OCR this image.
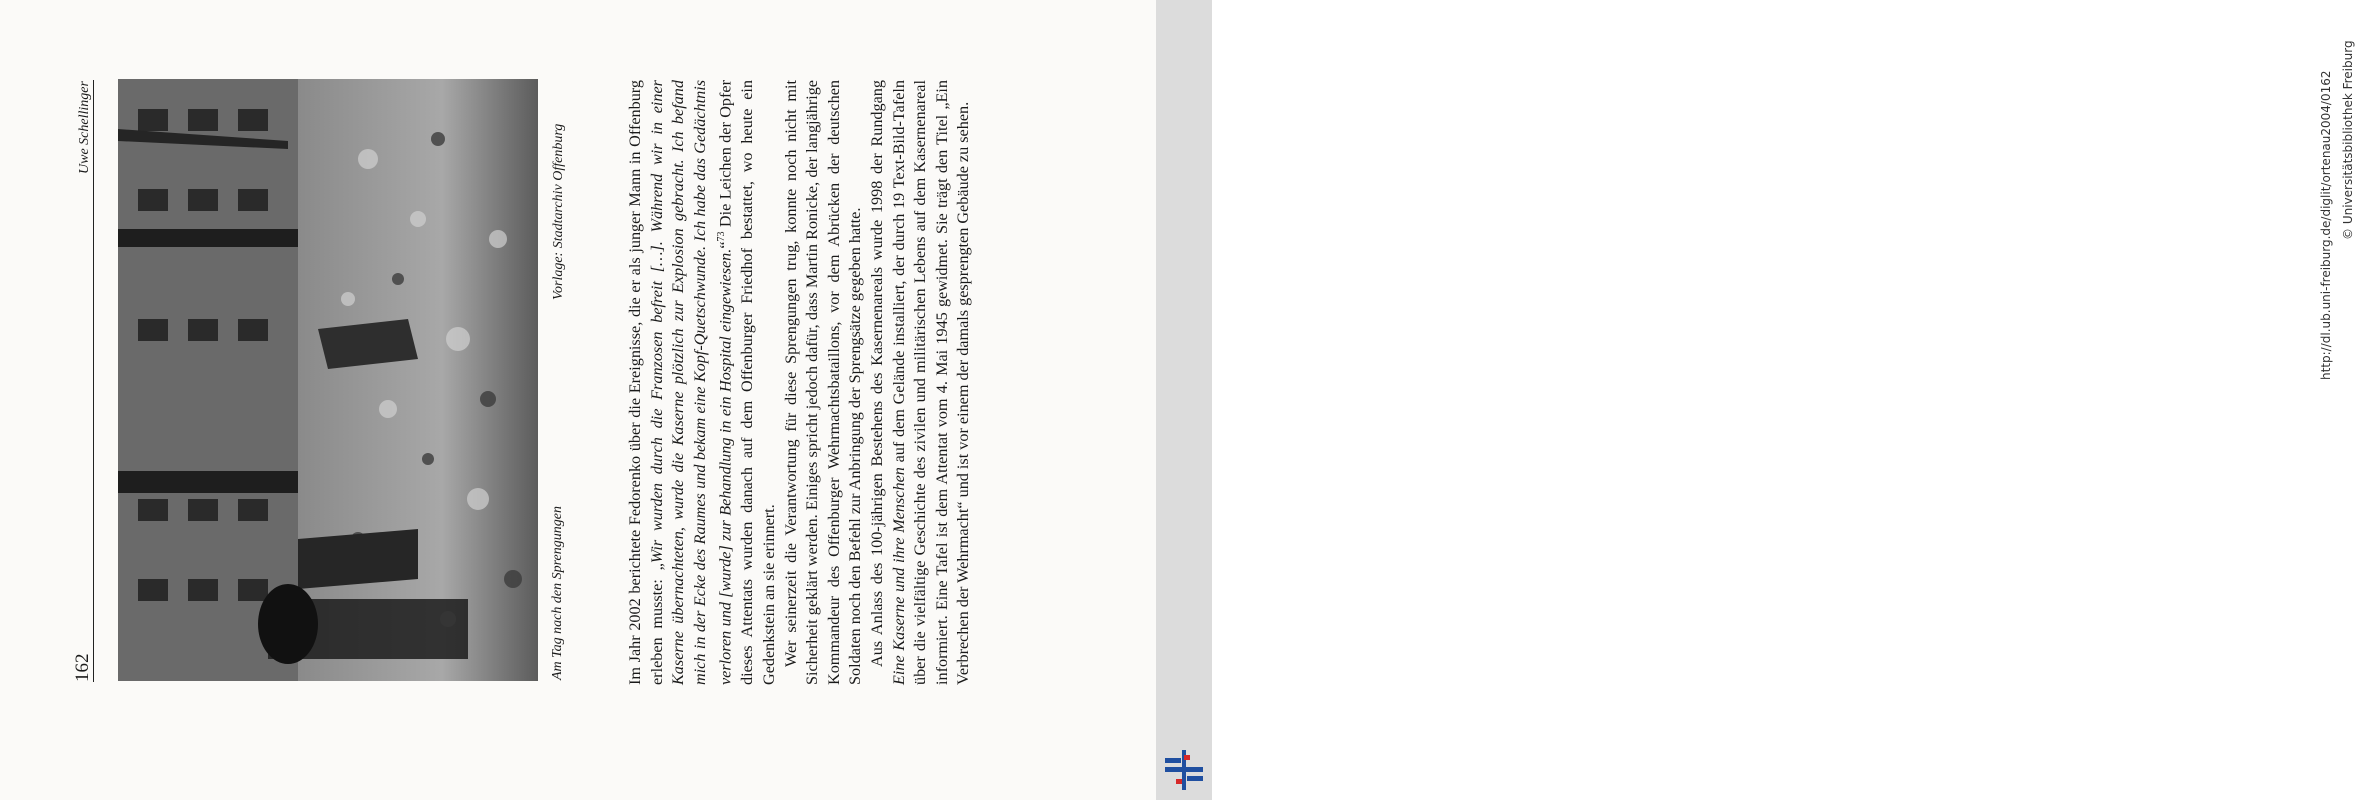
162
Uwe Schellinger
Am Tag nach den Sprengungen
Vorlage: Stadtarchiv Offenburg	Im Jahr 2002 berichtete Fedorenko über die Ereignisse, die er als junger Mann in Offenburg erleben musste: „Wir wurden durch die Franzosen befreit […]. Während wir in einer Kaserne übernachteten, wurde die Kaserne plötzlich zur Explosion gebracht. Ich befand mich in der Ecke des Raumes und bekam eine Kopf-Quetschwunde. Ich habe das Gedächtnis verloren und [wurde] zur Behandlung in ein Hospital eingewiesen.“$^{73}$ Die Leichen der Opfer dieses Attentats wurden danach auf dem Offenburger Friedhof bestattet, wo heute ein Gedenkstein an sie erinnert. Wer seinerzeit die Verantwortung für diese Sprengungen trug, konnte noch nicht mit Sicherheit geklärt werden. Einiges spricht jedoch dafür, dass Martin Ronicke, der langjährige Kommandeur des Offenburger Wehrmachtsbataillons, vor dem Abrücken der deutschen Soldaten noch den Befehl zur Anbringung der Sprengsätze gegeben hatte. Aus Anlass des 100-jährigen Bestehens des Kasernenareals wurde 1998 der Rundgang Eine Kaserne und ihre Menschen auf dem Gelände installiert, der durch 19 Text-Bild-Tafeln über die vielfältige Geschichte des zivilen und militärischen Lebens auf dem Kasernenareal informiert. Eine Tafel ist dem Attentat vom 4. Mai 1945 gewidmet. Sie trägt den Titel „Ein Verbrechen der Wehrmacht“ und ist vor einem der damals gesprengten Gebäude zu sehen.	http://dl.ub.uni-freiburg.de/diglit/ortenau2004/0162 © Universitätsbibliothek Freiburg
